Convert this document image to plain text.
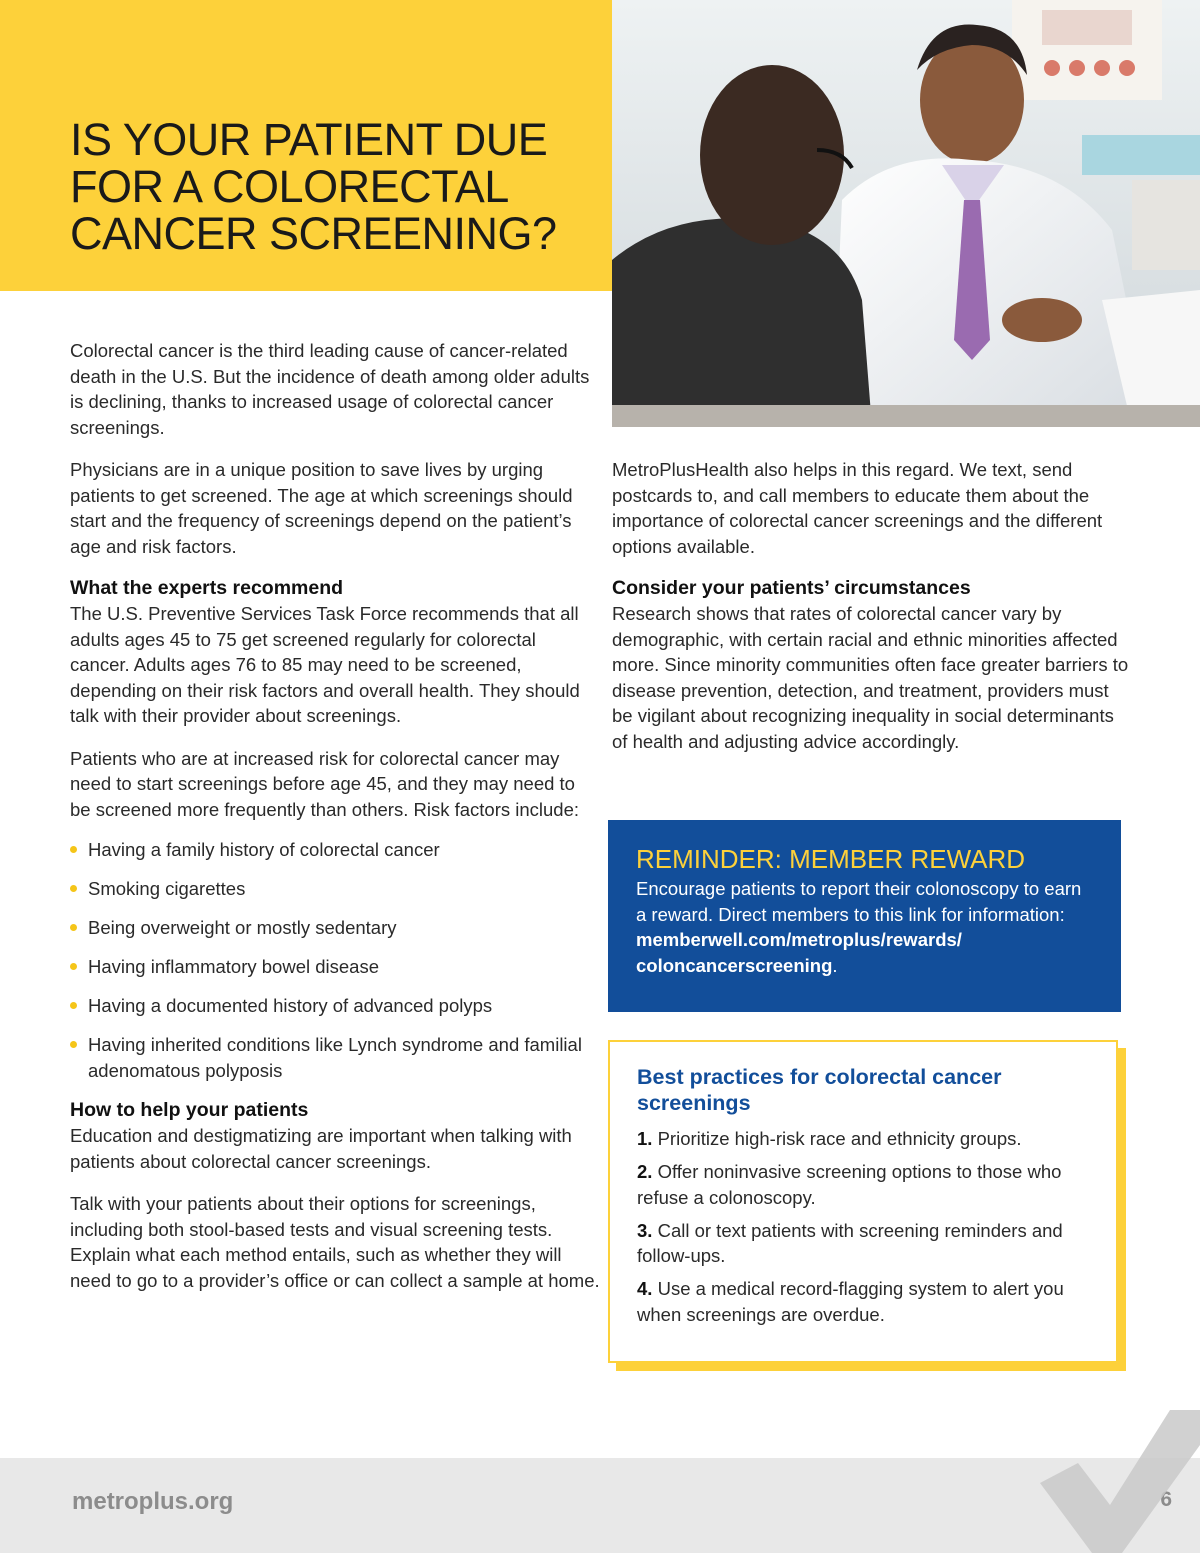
IS YOUR PATIENT DUE
FOR A COLORECTAL
CANCER SCREENING?

Colorectal cancer is the third leading cause of cancer-related death in the U.S. But the incidence of death among older adults is declining, thanks to increased usage of colorectal cancer screenings.

Physicians are in a unique position to save lives by urging patients to get screened. The age at which screenings should start and the frequency of screenings depend on the patient’s age and risk factors.

What the experts recommend

The U.S. Preventive Services Task Force recommends that all adults ages 45 to 75 get screened regularly for colorectal cancer. Adults ages 76 to 85 may need to be screened, depending on their risk factors and overall health. They should talk with their provider about screenings.

Patients who are at increased risk for colorectal cancer may need to start screenings before age 45, and they may need to be screened more frequently than others. Risk factors include:

Having a family history of colorectal cancer
Smoking cigarettes
Being overweight or mostly sedentary
Having inflammatory bowel disease
Having a documented history of advanced polyps
Having inherited conditions like Lynch syndrome and familial adenomatous polyposis
How to help your patients

Education and destigmatizing are important when talking with patients about colorectal cancer screenings.

Talk with your patients about their options for screenings, including both stool-based tests and visual screening tests. Explain what each method entails, such as whether they will need to go to a provider’s office or can collect a sample at home.

MetroPlusHealth also helps in this regard. We text, send postcards to, and call members to educate them about the importance of colorectal cancer screenings and the different options available.

Consider your patients’ circumstances

Research shows that rates of colorectal cancer vary by demographic, with certain racial and ethnic minorities affected more. Since minority communities often face greater barriers to disease prevention, detection, and treatment, providers must be vigilant about recognizing inequality in social determinants of health and adjusting advice accordingly.

REMINDER: MEMBER REWARD
Encourage patients to report their colonoscopy to earn a reward. Direct members to this link for information: memberwell.com/metroplus/rewards/ coloncancerscreening.
Best practices for colorectal cancer screenings
1. Prioritize high-risk race and ethnicity groups.
2. Offer noninvasive screening options to those who refuse a colonoscopy.
3. Call or text patients with screening reminders and follow-ups.
4. Use a medical record-flagging system to alert you when screenings are overdue.
metroplus.org	6
